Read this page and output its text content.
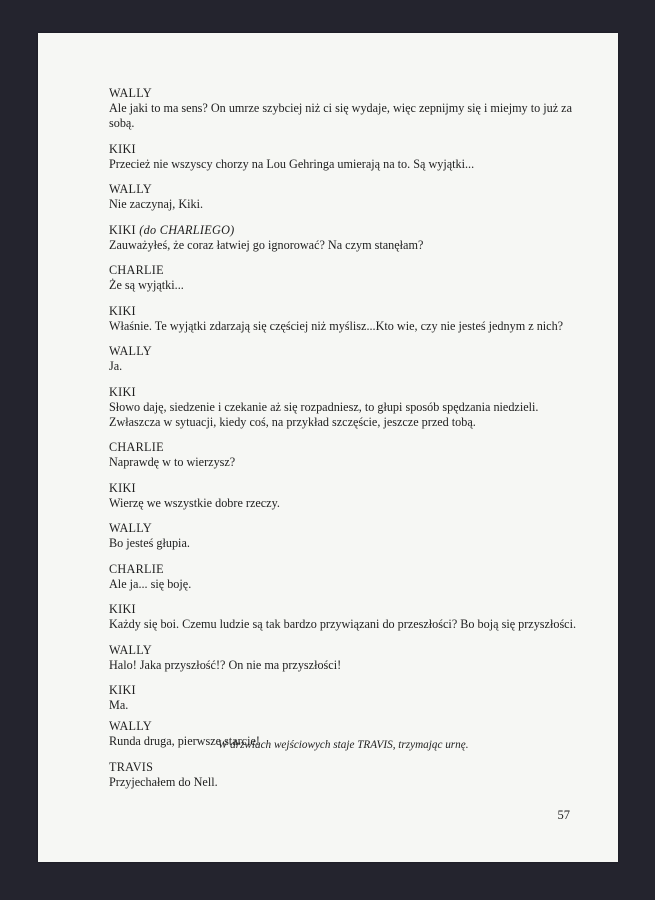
WALLY
Ale jaki to ma sens? On umrze szybciej niż ci się wydaje, więc zepnijmy się i miejmy to już za
sobą.
KIKI
Przecież nie wszyscy chorzy na Lou Gehringa umierają na to. Są wyjątki...
WALLY
Nie zaczynaj, Kiki.
KIKI (do CHARLIEGO)
Zauważyłeś, że coraz łatwiej go ignorować? Na czym stanęłam?
CHARLIE
Że są wyjątki...
KIKI
Właśnie. Te wyjątki zdarzają się częściej niż myślisz...Kto wie, czy nie jesteś jednym z nich?
WALLY
Ja.
KIKI
Słowo daję, siedzenie i czekanie aż się rozpadniesz, to głupi sposób spędzania niedzieli.
Zwłaszcza w sytuacji, kiedy coś, na przykład szczęście, jeszcze przed tobą.
CHARLIE
Naprawdę w to wierzysz?
KIKI
Wierzę we wszystkie dobre rzeczy.
WALLY
Bo jesteś głupia.
CHARLIE
Ale ja... się boję.
KIKI
Każdy się boi. Czemu ludzie są tak bardzo przywiązani do przeszłości? Bo boją się przyszłości.
WALLY
Halo! Jaka przyszłość!? On nie ma przyszłości!
KIKI
Ma.
WALLY
Runda druga, pierwsze starcie!
TRAVIS
Przyjechałem do Nell.
W drzwiach wejściowych staje TRAVIS, trzymając urnę.
57
